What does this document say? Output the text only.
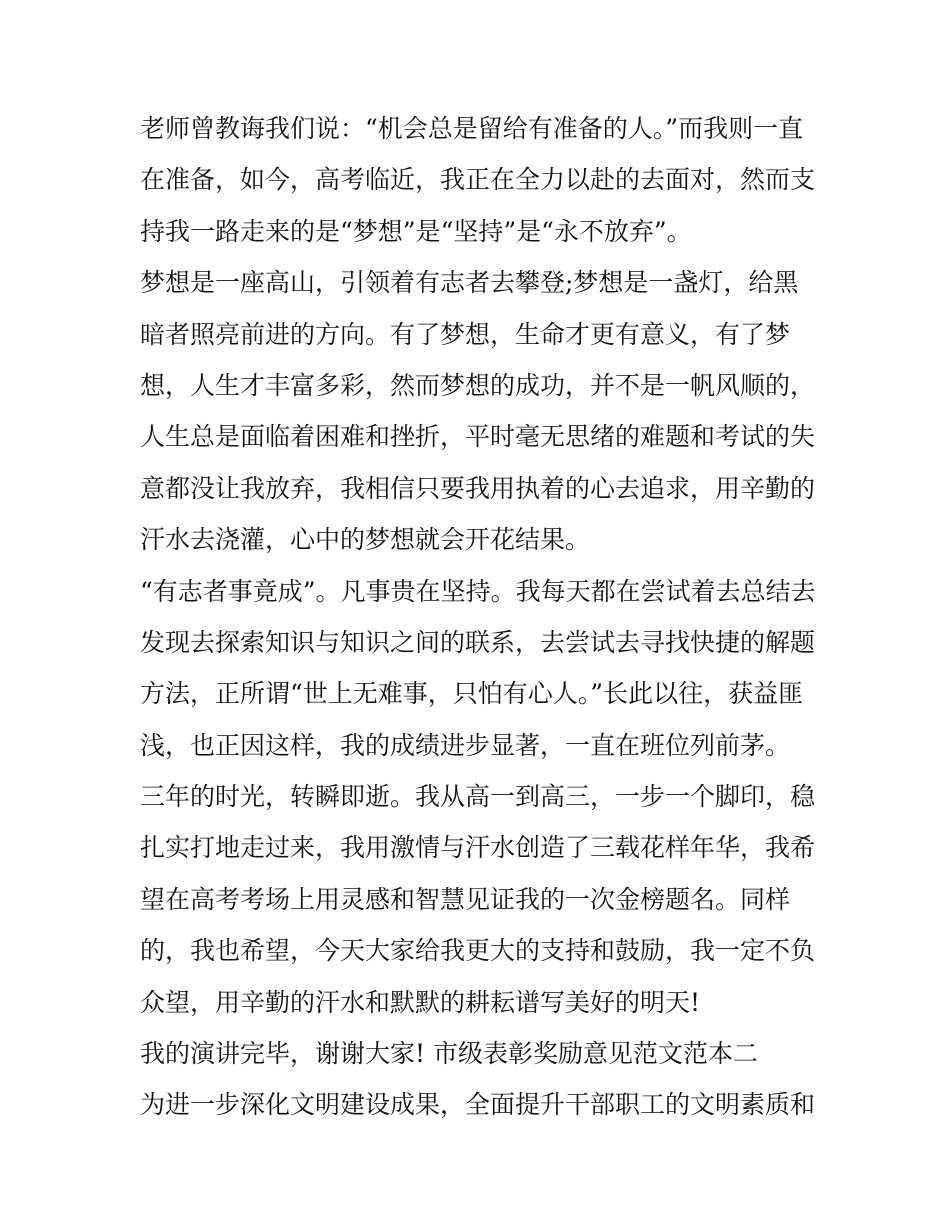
老师曾教诲我们说：“机会总是留给有准备的人。”而我则一直
在准备，如今，高考临近，我正在全力以赴的去面对，然而支
持我一路走来的是“梦想”是“坚持”是“永不放弃”。
梦想是一座高山，引领着有志者去攀登;梦想是一盏灯，给黑
暗者照亮前进的方向。有了梦想，生命才更有意义，有了梦
想，人生才丰富多彩，然而梦想的成功，并不是一帆风顺的，
人生总是面临着困难和挫折，平时毫无思绪的难题和考试的失
意都没让我放弃，我相信只要我用执着的心去追求，用辛勤的
汗水去浇灌，心中的梦想就会开花结果。
“有志者事竟成”。凡事贵在坚持。我每天都在尝试着去总结去
发现去探索知识与知识之间的联系，去尝试去寻找快捷的解题
方法，正所谓“世上无难事，只怕有心人。”长此以往，获益匪
浅，也正因这样，我的成绩进步显著，一直在班位列前茅。
三年的时光，转瞬即逝。我从高一到高三，一步一个脚印，稳
扎实打地走过来，我用激情与汗水创造了三载花样年华，我希
望在高考考场上用灵感和智慧见证我的一次金榜题名。同样
的，我也希望，今天大家给我更大的支持和鼓励，我一定不负
众望，用辛勤的汗水和默默的耕耘谱写美好的明天!
我的演讲完毕，谢谢大家! 市级表彰奖励意见范文范本二
为进一步深化文明建设成果，全面提升干部职工的文明素质和
